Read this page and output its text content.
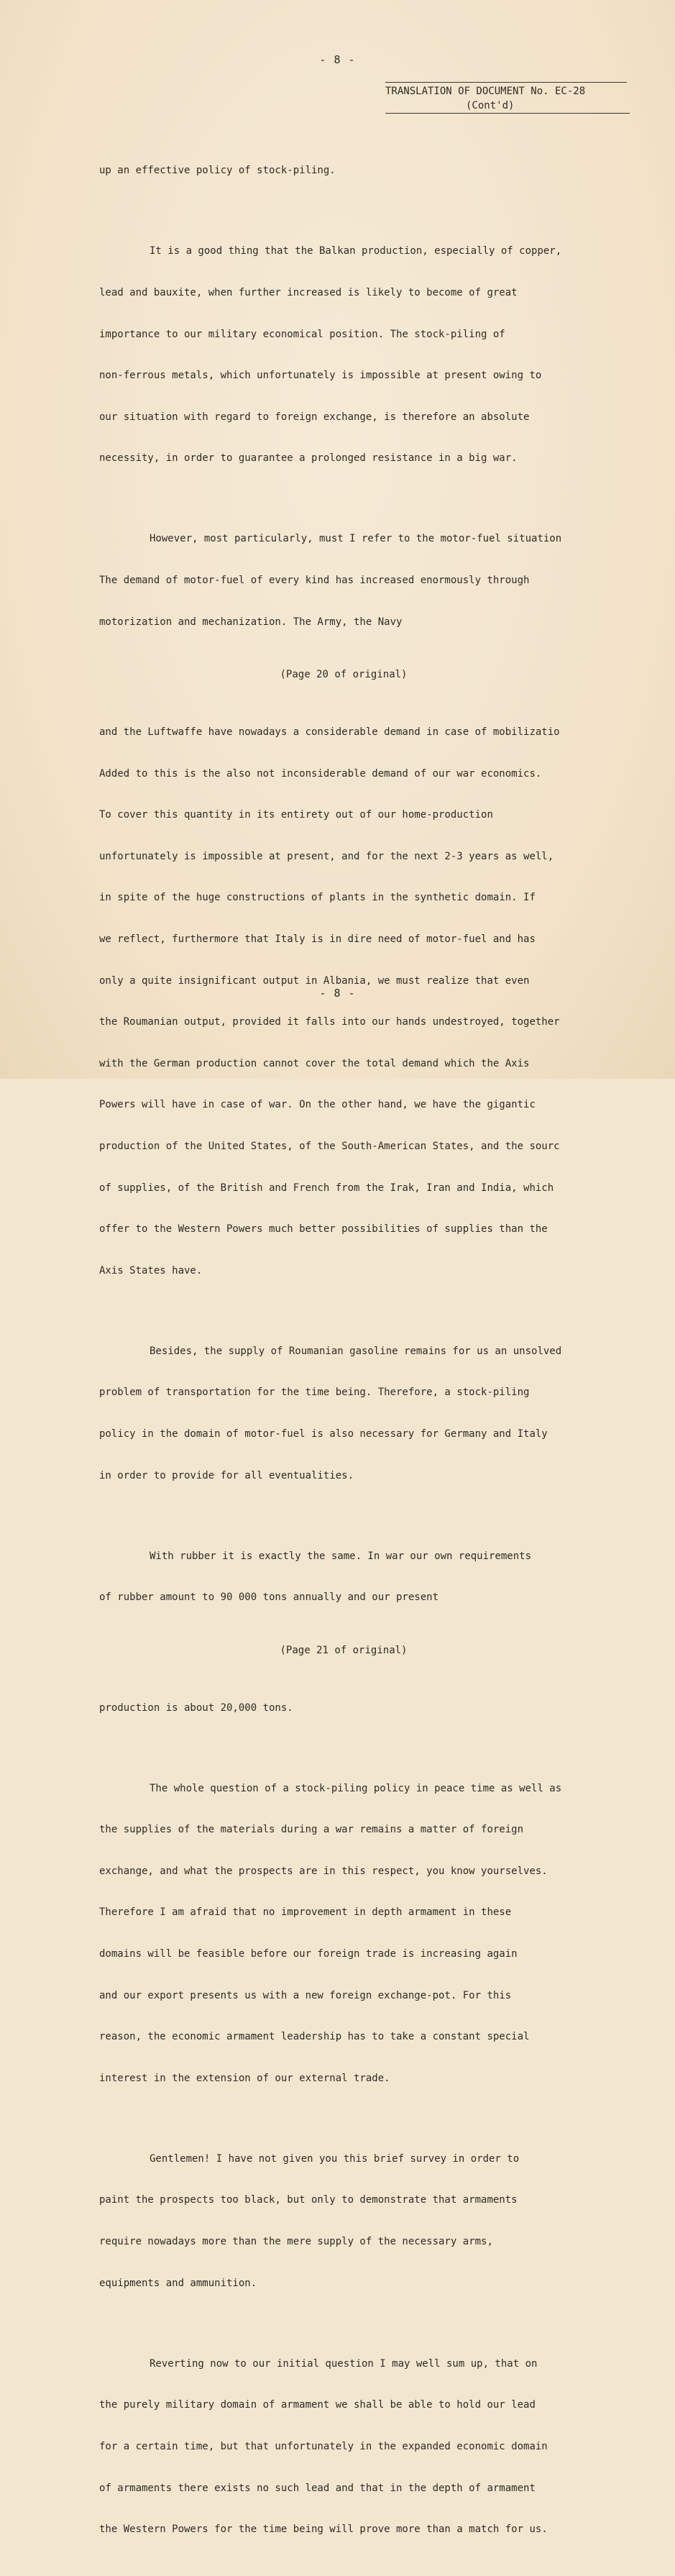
- 8 -
TRANSLATION OF DOCUMENT No. EC-28
(Cont'd)

up an effective policy of stock-piling.

It is a good thing that the Balkan production, especially of copper,

lead and bauxite, when further increased is likely to become of great

importance to our military economical position. The stock-piling of

non-ferrous metals, which unfortunately is impossible at present owing to

our situation with regard to foreign exchange, is therefore an absolute

necessity, in order to guarantee a prolonged resistance in a big war.

However, most particularly, must I refer to the motor-fuel situation

The demand of motor-fuel of every kind has increased enormously through

motorization and mechanization. The Army, the Navy

(Page 20 of original)

and the Luftwaffe have nowadays a considerable demand in case of mobilizatio

Added to this is the also not inconsiderable demand of our war economics.

To cover this quantity in its entirety out of our home-production

unfortunately is impossible at present, and for the next 2-3 years as well,

in spite of the huge constructions of plants in the synthetic domain. If

we reflect, furthermore that Italy is in dire need of motor-fuel and has

only a quite insignificant output in Albania, we must realize that even

the Roumanian output, provided it falls into our hands undestroyed, together

with the German production cannot cover the total demand which the Axis

Powers will have in case of war. On the other hand, we have the gigantic

production of the United States, of the South-American States, and the sourc

of supplies, of the British and French from the Irak, Iran and India, which

offer to the Western Powers much better possibilities of supplies than the

Axis States have.

Besides, the supply of Roumanian gasoline remains for us an unsolved

problem of transportation for the time being. Therefore, a stock-piling

policy in the domain of motor-fuel is also necessary for Germany and Italy

in order to provide for all eventualities.

With rubber it is exactly the same. In war our own requirements

of rubber amount to 90 000 tons annually and our present

(Page 21 of original)

production is about 20,000 tons.

The whole question of a stock-piling policy in peace time as well as

the supplies of the materials during a war remains a matter of foreign

exchange, and what the prospects are in this respect, you know yourselves.

Therefore I am afraid that no improvement in depth armament in these

domains will be feasible before our foreign trade is increasing again

and our export presents us with a new foreign exchange-pot. For this

reason, the economic armament leadership has to take a constant special

interest in the extension of our external trade.

Gentlemen! I have not given you this brief survey in order to

paint the prospects too black, but only to demonstrate that armaments

require nowadays more than the mere supply of the necessary arms,

equipments and ammunition.

Reverting now to our initial question I may well sum up, that on

the purely military domain of armament we shall be able to hold our lead

for a certain time, but that unfortunately in the expanded economic domain

of armaments there exists no such lead and that in the depth of armament

the Western Powers for the time being will prove more than a match for us.

- 8 -
